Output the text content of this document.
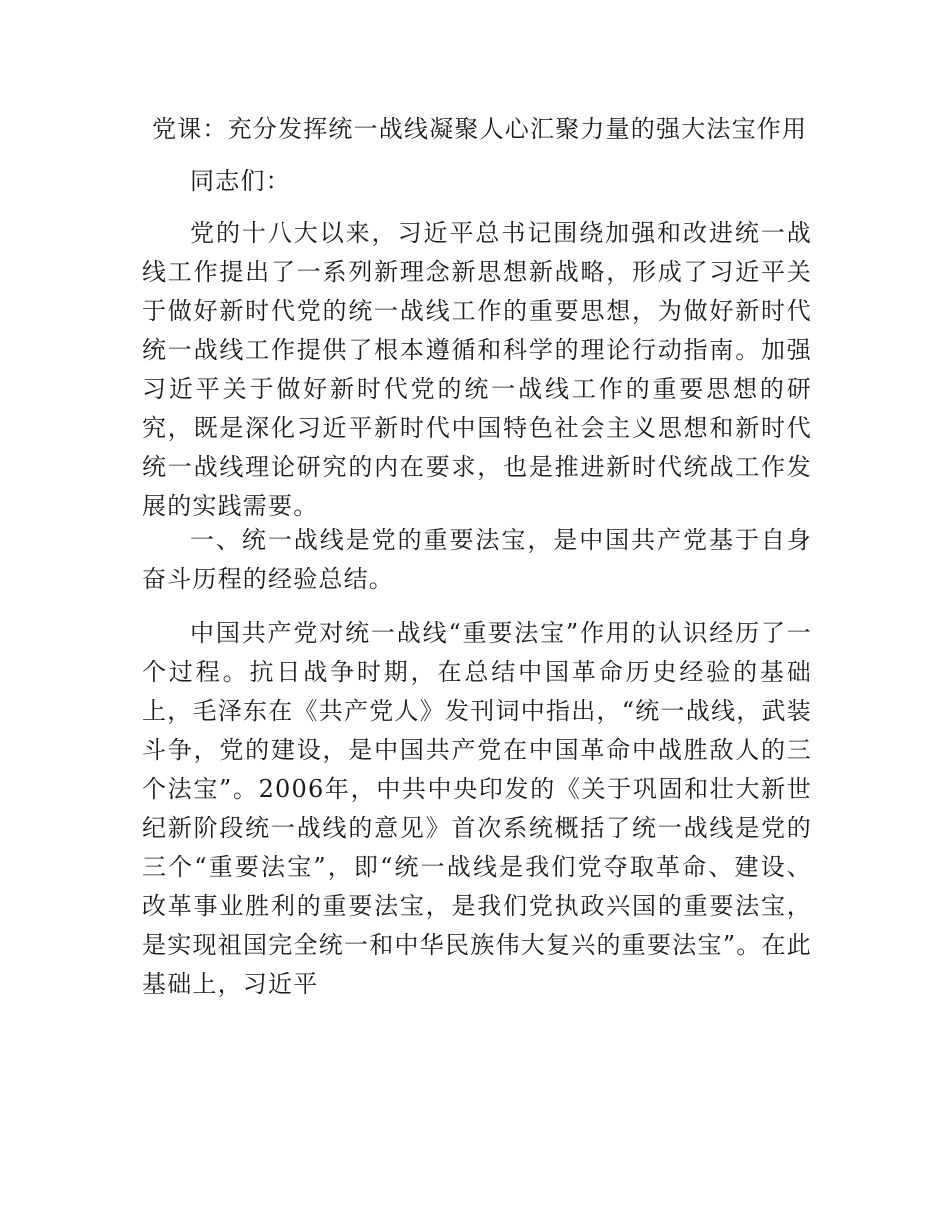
党课：充分发挥统一战线凝聚人心汇聚力量的强大法宝作用
同志们：

党的十八大以来，习近平总书记围绕加强和改进统一战线工作提出了一系列新理念新思想新战略，形成了习近平关于做好新时代党的统一战线工作的重要思想，为做好新时代统一战线工作提供了根本遵循和科学的理论行动指南。加强习近平关于做好新时代党的统一战线工作的重要思想的研究，既是深化习近平新时代中国特色社会主义思想和新时代统一战线理论研究的内在要求，也是推进新时代统战工作发展的实践需要。

一、统一战线是党的重要法宝，是中国共产党基于自身奋斗历程的经验总结。

中国共产党对统一战线“重要法宝”作用的认识经历了一个过程。抗日战争时期，在总结中国革命历史经验的基础上，毛泽东在《共产党人》发刊词中指出，“统一战线，武装斗争，党的建设，是中国共产党在中国革命中战胜敌人的三个法宝”。2006年，中共中央印发的《关于巩固和壮大新世纪新阶段统一战线的意见》首次系统概括了统一战线是党的三个“重要法宝”，即“统一战线是我们党夺取革命、建设、改革事业胜利的重要法宝，是我们党执政兴国的重要法宝，是实现祖国完全统一和中华民族伟大复兴的重要法宝”。在此基础上，习近平
